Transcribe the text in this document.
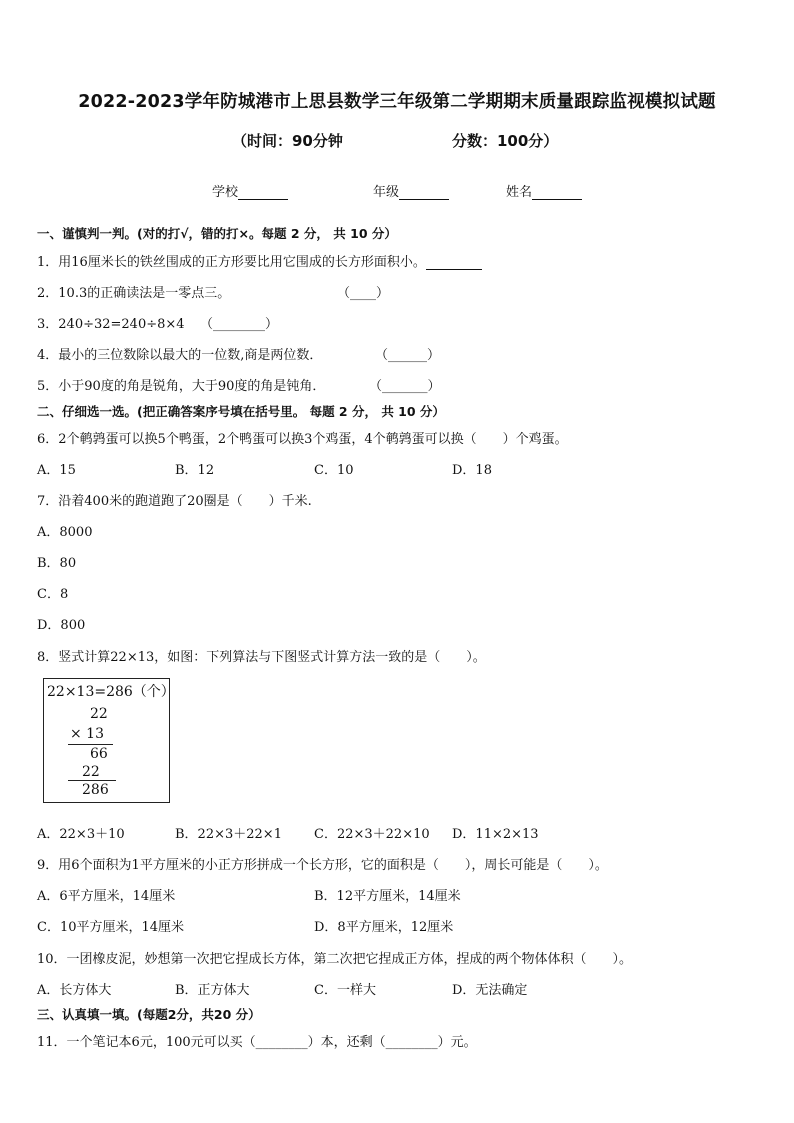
2022-2023学年防城港市上思县数学三年级第二学期期末质量跟踪监视模拟试题
（时间：90分钟	分数：100分）
学校	年级	姓名
一、谨慎判一判。(对的打√，错的打×。每题 2 分， 共 10 分）
1．用16厘米长的铁丝围成的正方形要比用它围成的长方形面积小。
2．10.3的正确读法是一零点三。	（____）
3．240÷32=240÷8×4 （________）
4．最小的三位数除以最大的一位数,商是两位数．	（______）
5．小于90度的角是锐角，大于90度的角是钝角．	（_______）
二、仔细选一选。(把正确答案序号填在括号里。 每题 2 分， 共 10 分）
6．2个鹌鹑蛋可以换5个鸭蛋，2个鸭蛋可以换3个鸡蛋，4个鹌鹑蛋可以换（　　）个鸡蛋。
A．15	B．12	C．10	D．18
7．沿着400米的跑道跑了20圈是（　　）千米.
A．8000
B．80
C．8
D．800
8．竖式计算22×13，如图：下列算法与下图竖式计算方法一致的是（　　）。
22×13=286（个）
22
× 13
66
22
286
A．22×3＋10	B．22×3＋22×1 C．22×3＋22×10 D．11×2×13
9．用6个面积为1平方厘米的小正方形拼成一个长方形，它的面积是（　　），周长可能是（　　）。
A．6平方厘米，14厘米	B．12平方厘米，14厘米
C．10平方厘米，14厘米	D．8平方厘米，12厘米
10．一团橡皮泥，妙想第一次把它捏成长方体，第二次把它捏成正方体，捏成的两个物体体积（　　）。
A．长方体大	B．正方体大	C．一样大	D．无法确定
三、认真填一填。(每题2分，共20 分）
11．一个笔记本6元，100元可以买（________）本，还剩（________）元。
